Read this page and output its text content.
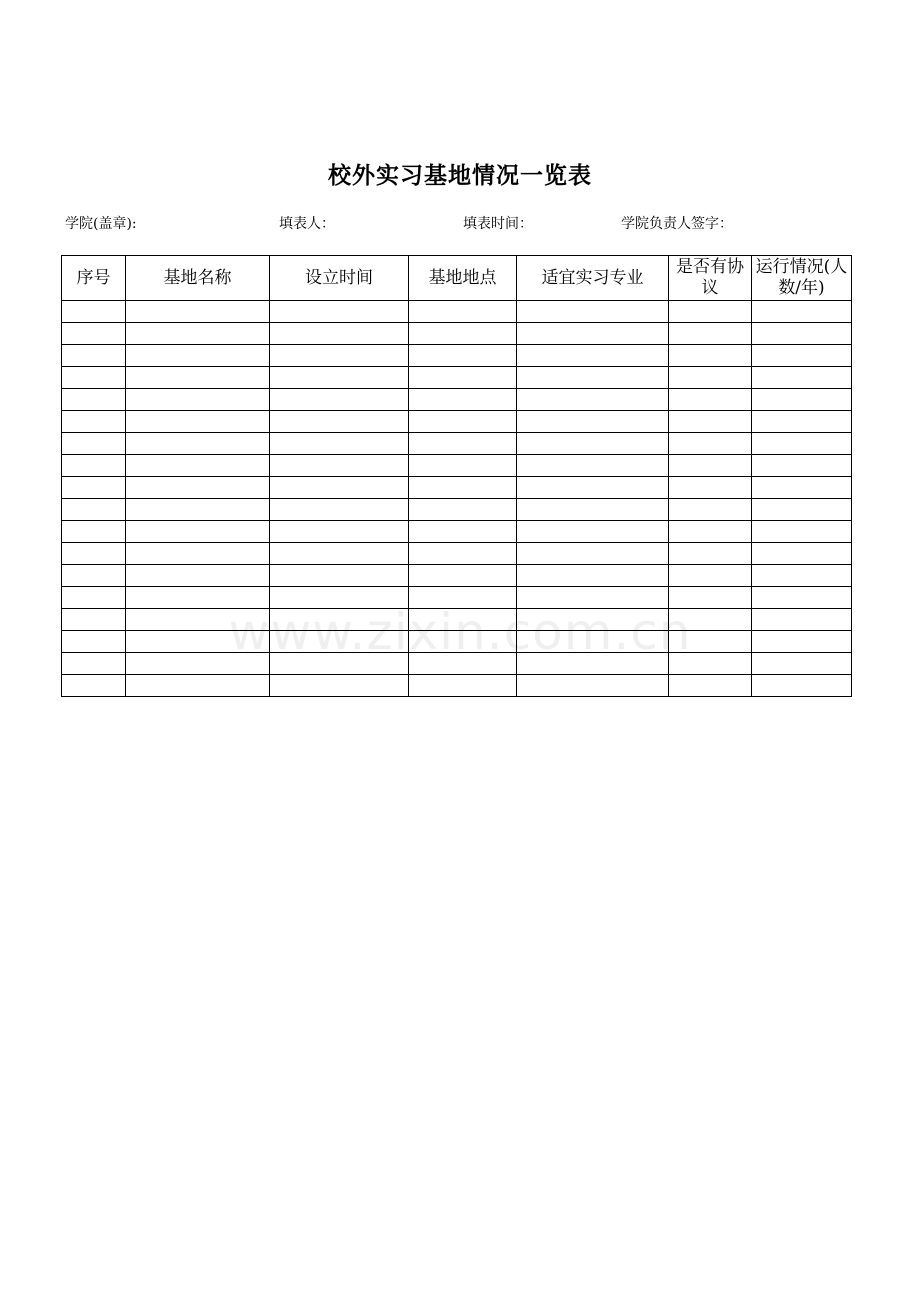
校外实习基地情况一览表
学院(盖章):	填表人：	填表时间：	学院负责人签字：
序号	基地名称	设立时间	基地地点	适宜实习专业	是否有协议	运行情况(人数/年)

www.zixin.com.cn
